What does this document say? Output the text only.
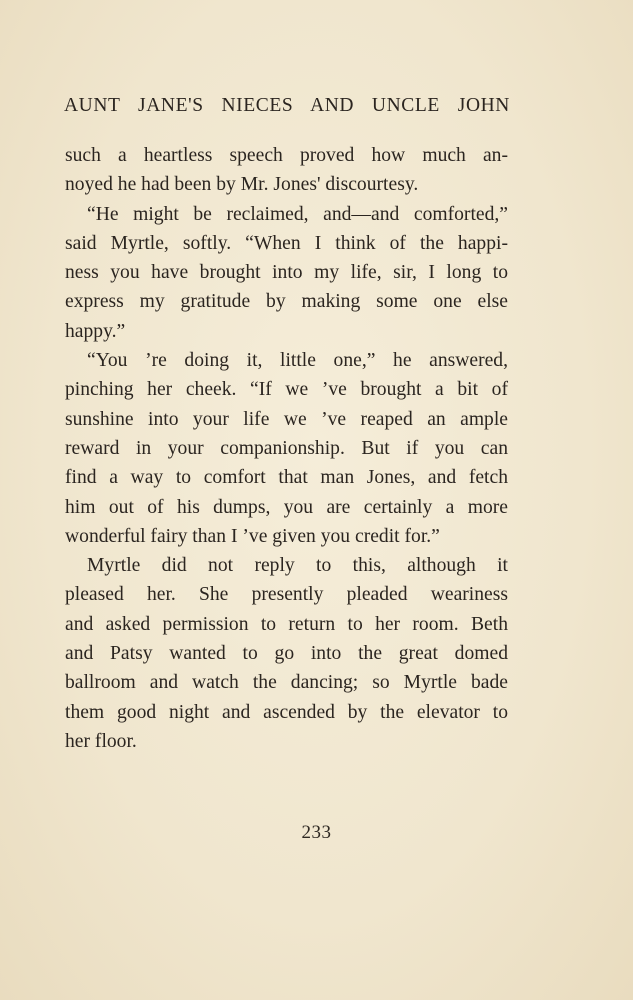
AUNT JANE'S NIECES AND UNCLE JOHN

such a heartless speech proved how much an-
noyed he had been by Mr. Jones' discourtesy.

“He might be reclaimed, and—and comforted,”
said Myrtle, softly. “When I think of the happi-
ness you have brought into my life, sir, I long to
express my gratitude by making some one else
happy.”

“You ’re doing it, little one,” he answered,
pinching her cheek. “If we ’ve brought a bit of
sunshine into your life we ’ve reaped an ample
reward in your companionship. But if you can
find a way to comfort that man Jones, and fetch
him out of his dumps, you are certainly a more
wonderful fairy than I ’ve given you credit for.”

Myrtle did not reply to this, although it
pleased her. She presently pleaded weariness
and asked permission to return to her room. Beth
and Patsy wanted to go into the great domed
ballroom and watch the dancing; so Myrtle bade
them good night and ascended by the elevator to
her floor.

233
